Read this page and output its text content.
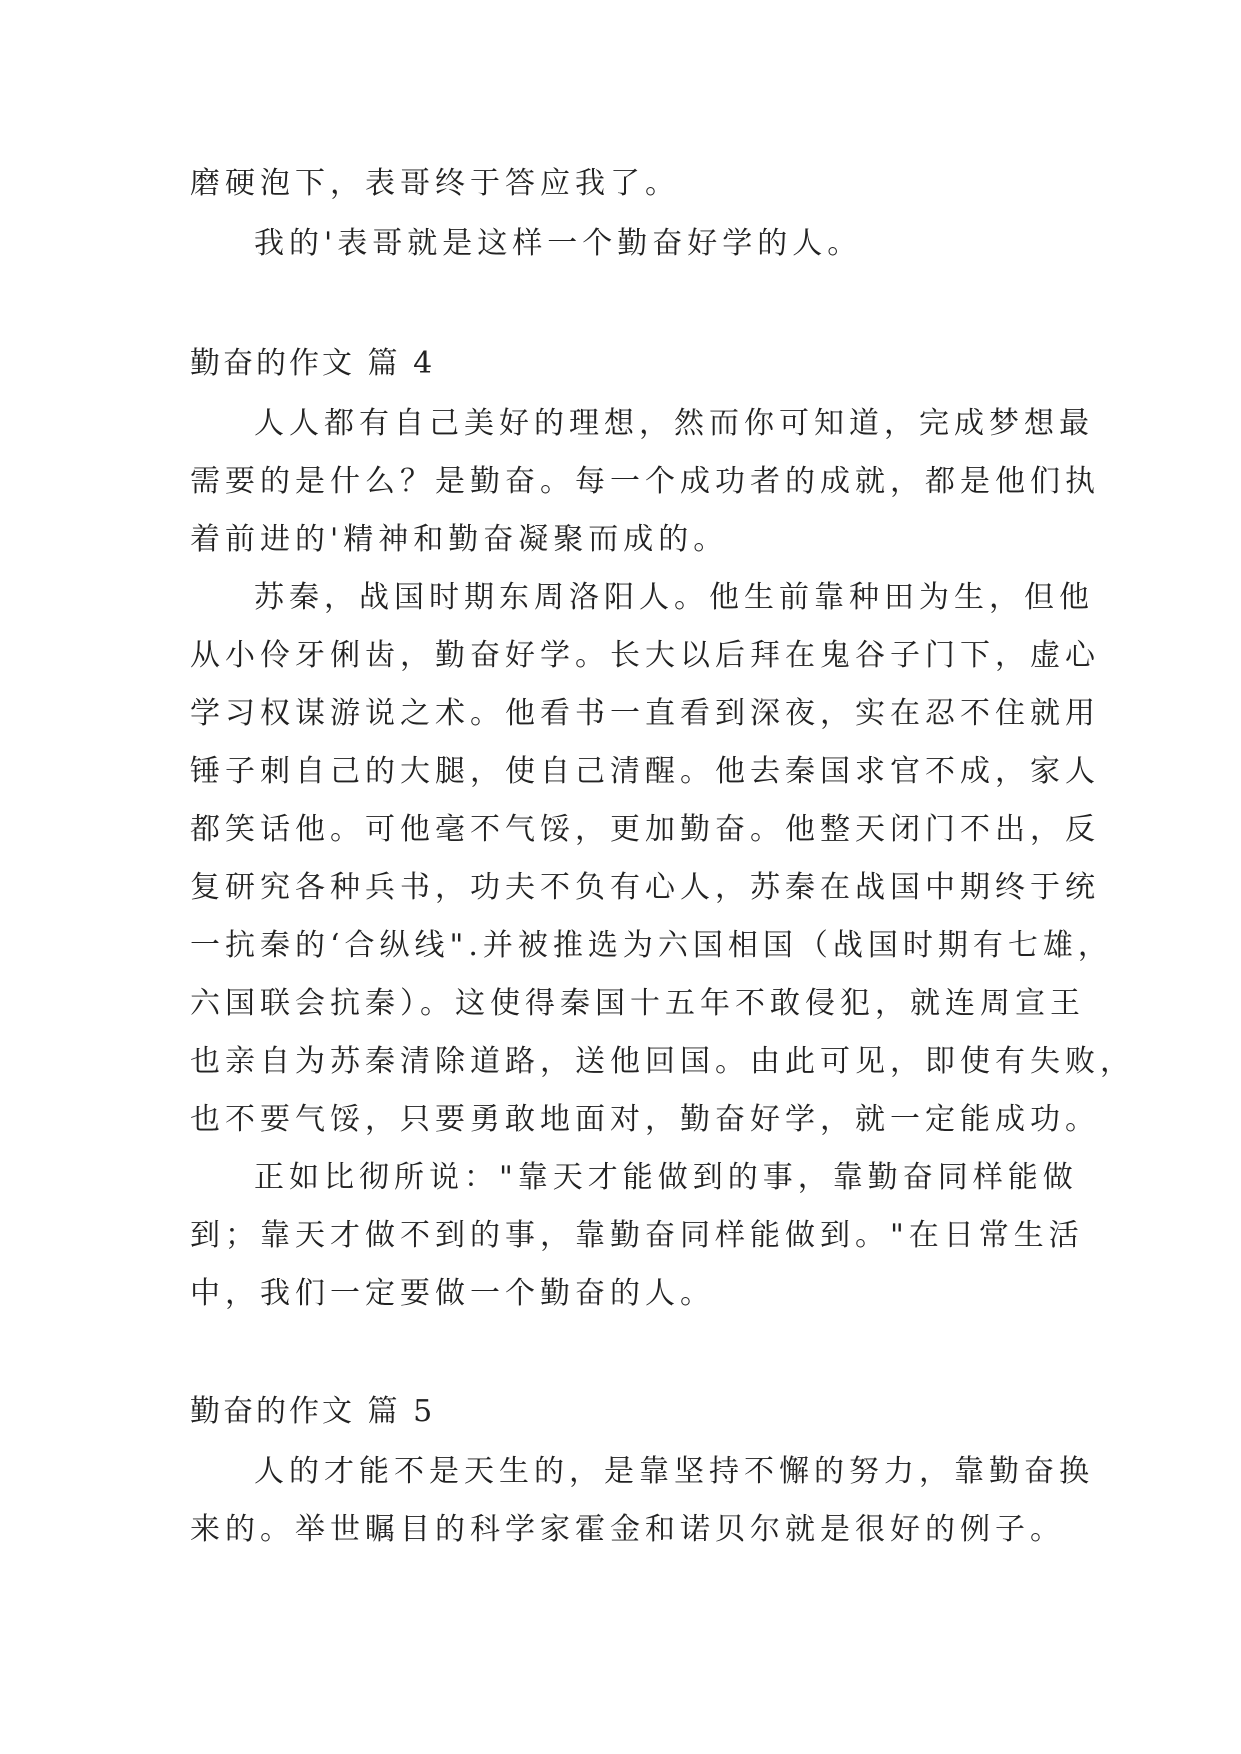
磨硬泡下，表哥终于答应我了。
我的'表哥就是这样一个勤奋好学的人。
勤奋的作文 篇 4
人人都有自己美好的理想，然而你可知道，完成梦想最
需要的是什么？是勤奋。每一个成功者的成就，都是他们执
着前进的'精神和勤奋凝聚而成的。
苏秦，战国时期东周洛阳人。他生前靠种田为生，但他
从小伶牙俐齿，勤奋好学。长大以后拜在鬼谷子门下，虚心
学习权谋游说之术。他看书一直看到深夜，实在忍不住就用
锤子刺自己的大腿，使自己清醒。他去秦国求官不成，家人
都笑话他。可他毫不气馁，更加勤奋。他整天闭门不出，反
复研究各种兵书，功夫不负有心人，苏秦在战国中期终于统
一抗秦的‘合纵线".并被推选为六国相国（战国时期有七雄，
六国联会抗秦）。这使得秦国十五年不敢侵犯，就连周宣王
也亲自为苏秦清除道路，送他回国。由此可见，即使有失败，
也不要气馁，只要勇敢地面对，勤奋好学，就一定能成功。
正如比彻所说："靠天才能做到的事，靠勤奋同样能做
到；靠天才做不到的事，靠勤奋同样能做到。"在日常生活
中，我们一定要做一个勤奋的人。
勤奋的作文 篇 5
人的才能不是天生的，是靠坚持不懈的努力，靠勤奋换
来的。举世瞩目的科学家霍金和诺贝尔就是很好的例子。
